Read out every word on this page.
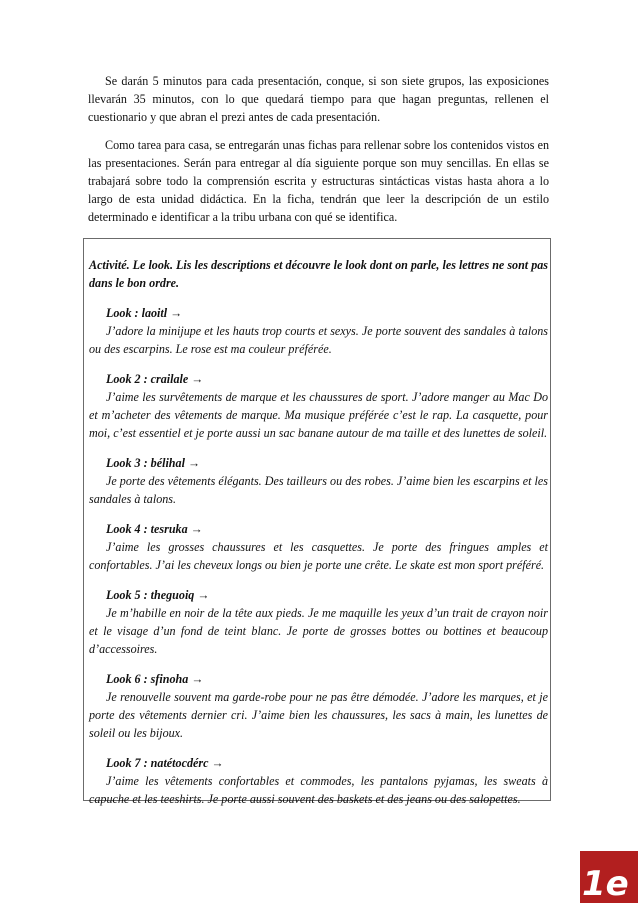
Se darán 5 minutos para cada presentación, conque, si son siete grupos, las exposiciones llevarán 35 minutos, con lo que quedará tiempo para que hagan preguntas, rellenen el cuestionario y que abran el prezi antes de cada presentación.

Como tarea para casa, se entregarán unas fichas para rellenar sobre los contenidos vistos en las presentaciones. Serán para entregar al día siguiente porque son muy sencillas. En ellas se trabajará sobre todo la comprensión escrita y estructuras sintácticas vistas hasta ahora a lo largo de esta unidad didáctica. En la ficha, tendrán que leer la descripción de un estilo determinado e identificar a la tribu urbana con qué se identifica.

Activité. Le look. Lis les descriptions et découvre le look dont on parle, les lettres ne sont pas dans le bon ordre.

Look : laoitl →

J’adore la minijupe et les hauts trop courts et sexys. Je porte souvent des sandales à talons ou des escarpins. Le rose est ma couleur préférée.

Look 2 : crailale →

J’aime les survêtements de marque et les chaussures de sport. J’adore manger au Mac Do et m’acheter des vêtements de marque. Ma musique préférée c’est le rap. La casquette, pour moi, c’est essentiel et je porte aussi un sac banane autour de ma taille et des lunettes de soleil.

Look 3 : bélihal →

Je porte des vêtements élégants. Des tailleurs ou des robes. J’aime bien les escarpins et les sandales à talons.

Look 4 : tesruka →

J’aime les grosses chaussures et les casquettes. Je porte des fringues amples et confortables. J’ai les cheveux longs ou bien je porte une crête. Le skate est mon sport préféré.

Look 5 : theguoiq →

Je m’habille en noir de la tête aux pieds. Je me maquille les yeux d’un trait de crayon noir et le visage d’un fond de teint blanc. Je porte de grosses bottes ou bottines et beaucoup d’accessoires.

Look 6 : sfinoha →

Je renouvelle souvent ma garde-robe pour ne pas être démodée. J’adore les marques, et je porte des vêtements dernier cri. J’aime bien les chaussures, les sacs à main, les lunettes de soleil ou les bijoux.

Look 7 : natétocdérc →

J’aime les vêtements confortables et commodes, les pantalons pyjamas, les sweats à capuche et les teeshirts. Je porte aussi souvent des baskets et des jeans ou des salopettes.

1e
